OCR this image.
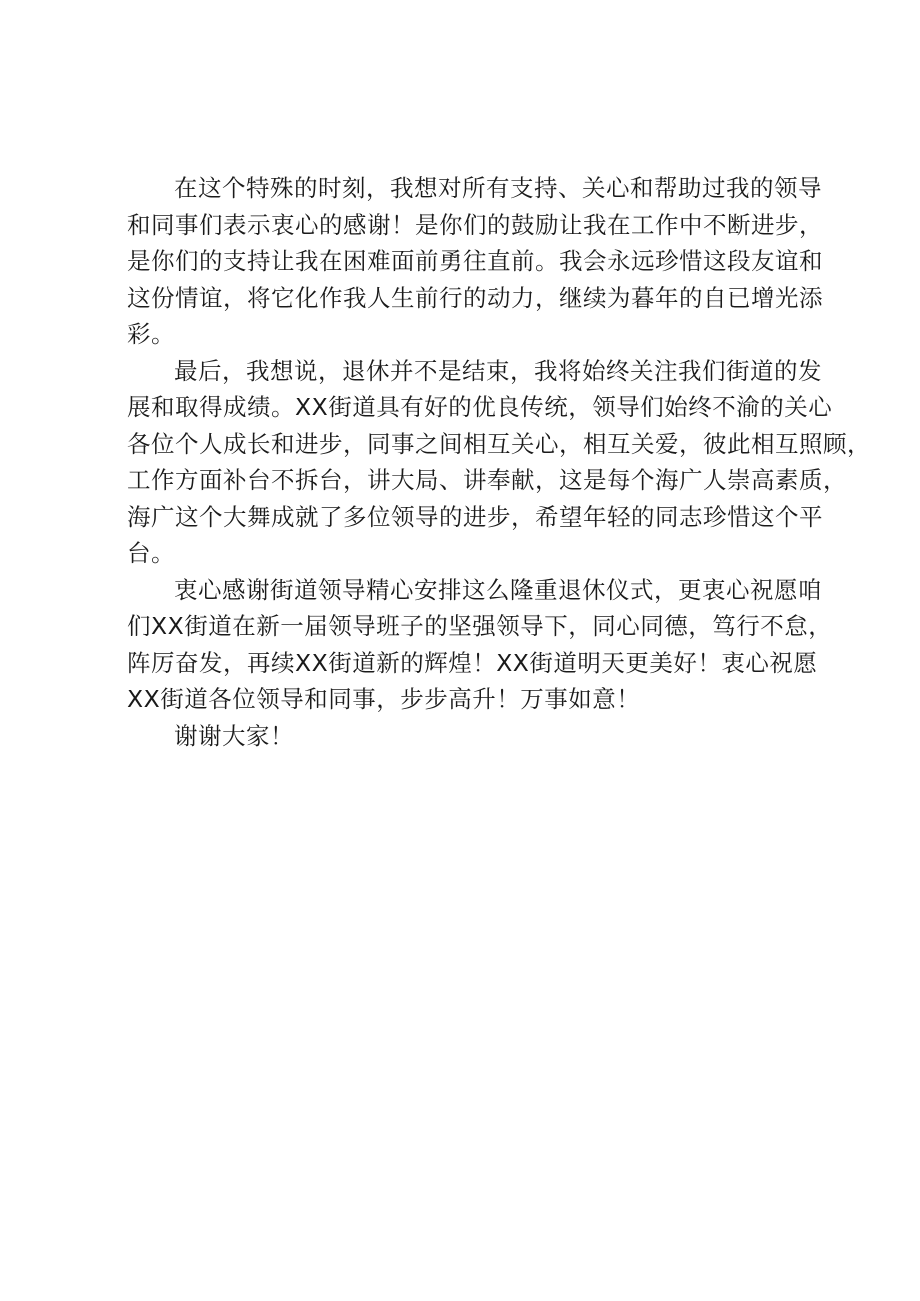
在这个特殊的时刻，我想对所有支持、关心和帮助过我的领导
和同事们表示衷心的感谢！是你们的鼓励让我在工作中不断进步，
是你们的支持让我在困难面前勇往直前。我会永远珍惜这段友谊和
这份情谊，将它化作我人生前行的动力，继续为暮年的自已增光添
彩。

最后，我想说，退休并不是结束，我将始终关注我们街道的发
展和取得成绩。XX街道具有好的优良传统，领导们始终不渝的关心
各位个人成长和进步，同事之间相互关心，相互关爱，彼此相互照顾，
工作方面补台不拆台，讲大局、讲奉献，这是每个海广人崇高素质，
海广这个大舞成就了多位领导的进步，希望年轻的同志珍惜这个平
台。

衷心感谢街道领导精心安排这么隆重退休仪式，更衷心祝愿咱
们XX街道在新一届领导班子的坚强领导下，同心同德，笃行不怠，
阵厉奋发，再续XX街道新的辉煌！XX街道明天更美好！衷心祝愿
XX街道各位领导和同事，步步高升！万事如意！

谢谢大家！
